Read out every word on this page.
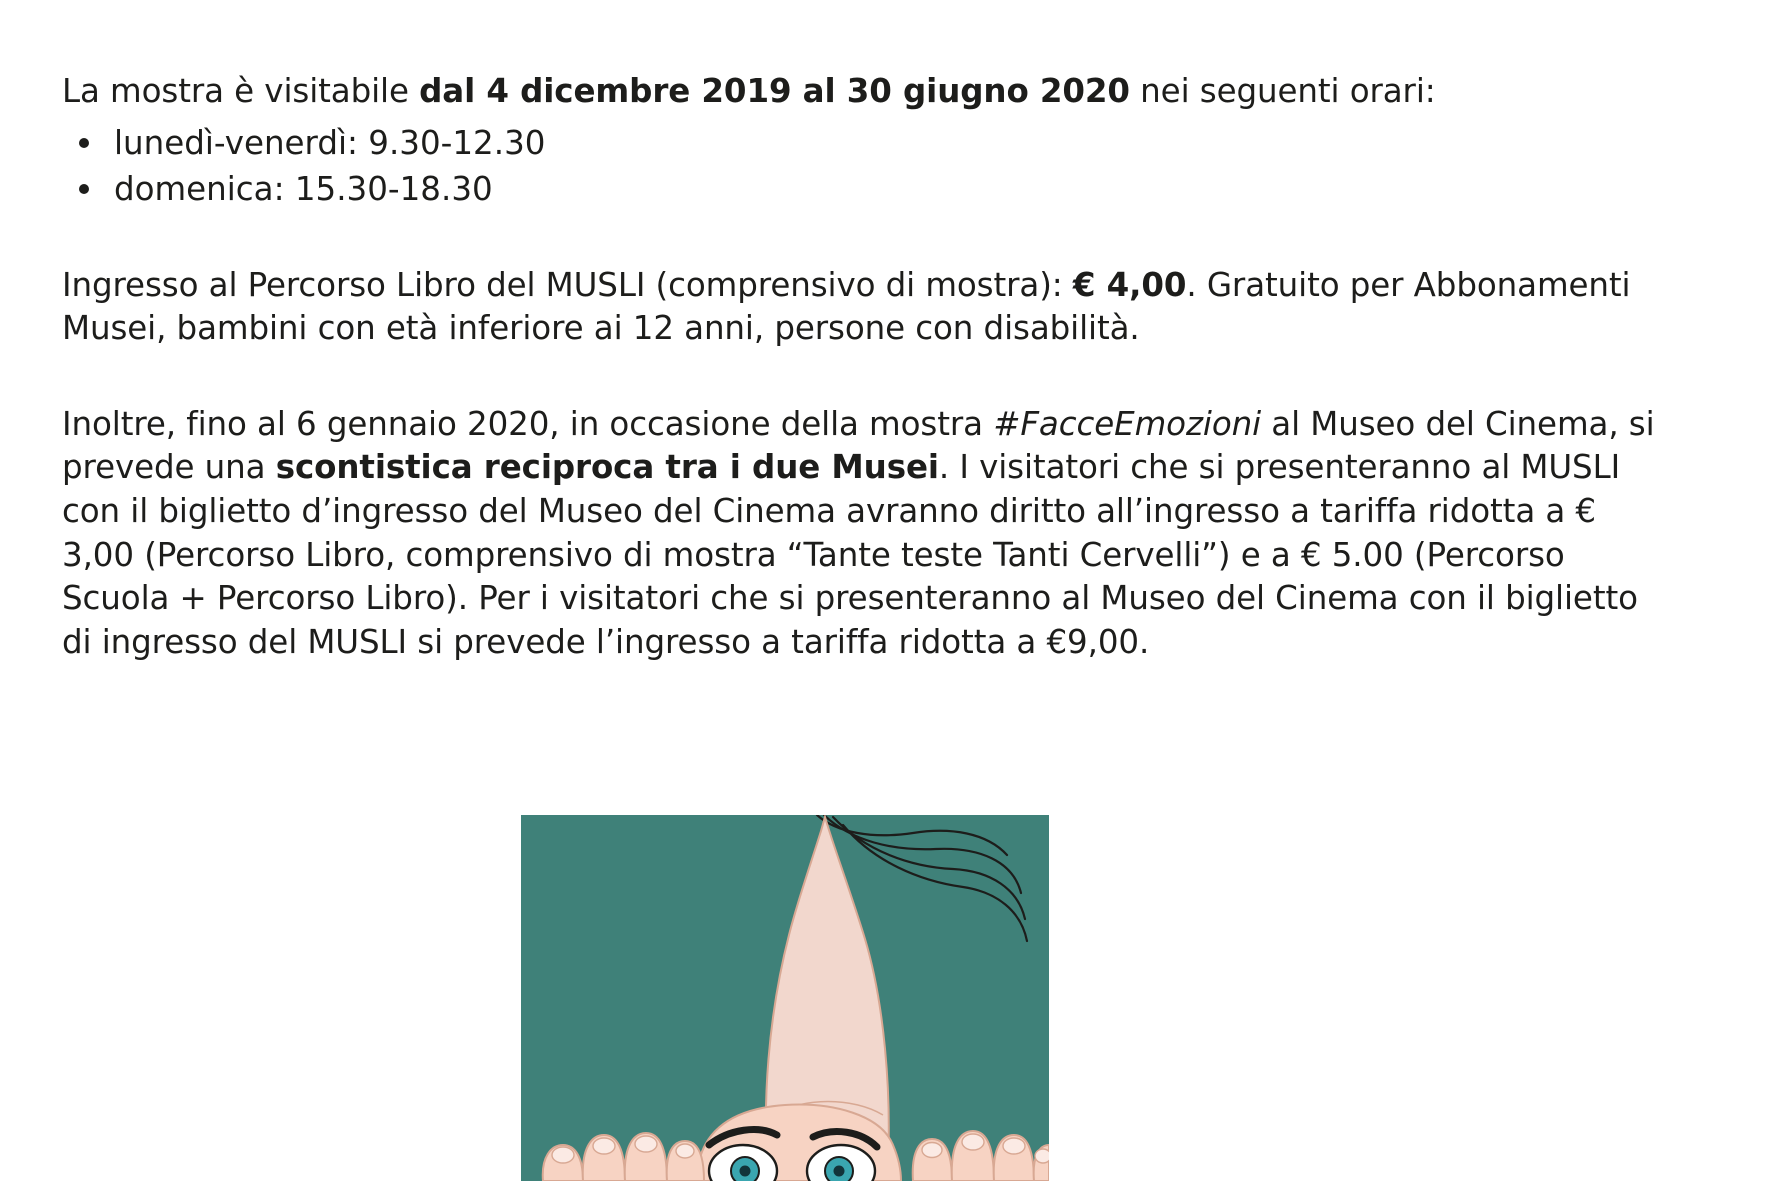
La mostra è visitabile dal 4 dicembre 2019 al 30 giugno 2020 nei seguenti orari:

lunedì-venerdì: 9.30-12.30
domenica: 15.30-18.30

Ingresso al Percorso Libro del MUSLI (comprensivo di mostra): € 4,00. Gratuito per Abbonamenti Musei, bambini con età inferiore ai 12 anni, persone con disabilità.

Inoltre, fino al 6 gennaio 2020, in occasione della mostra #FacceEmozioni al Museo del Cinema, si prevede una scontistica reciproca tra i due Musei. I visitatori che si presenteranno al MUSLI con il biglietto d’ingresso del Museo del Cinema avranno diritto all’ingresso a tariffa ridotta a € 3,00 (Percorso Libro, comprensivo di mostra “Tante teste Tanti Cervelli”) e a € 5.00 (Percorso Scuola + Percorso Libro). Per i visitatori che si presenteranno al Museo del Cinema con il biglietto di ingresso del MUSLI si prevede l’ingresso a tariffa ridotta a €9,00.
